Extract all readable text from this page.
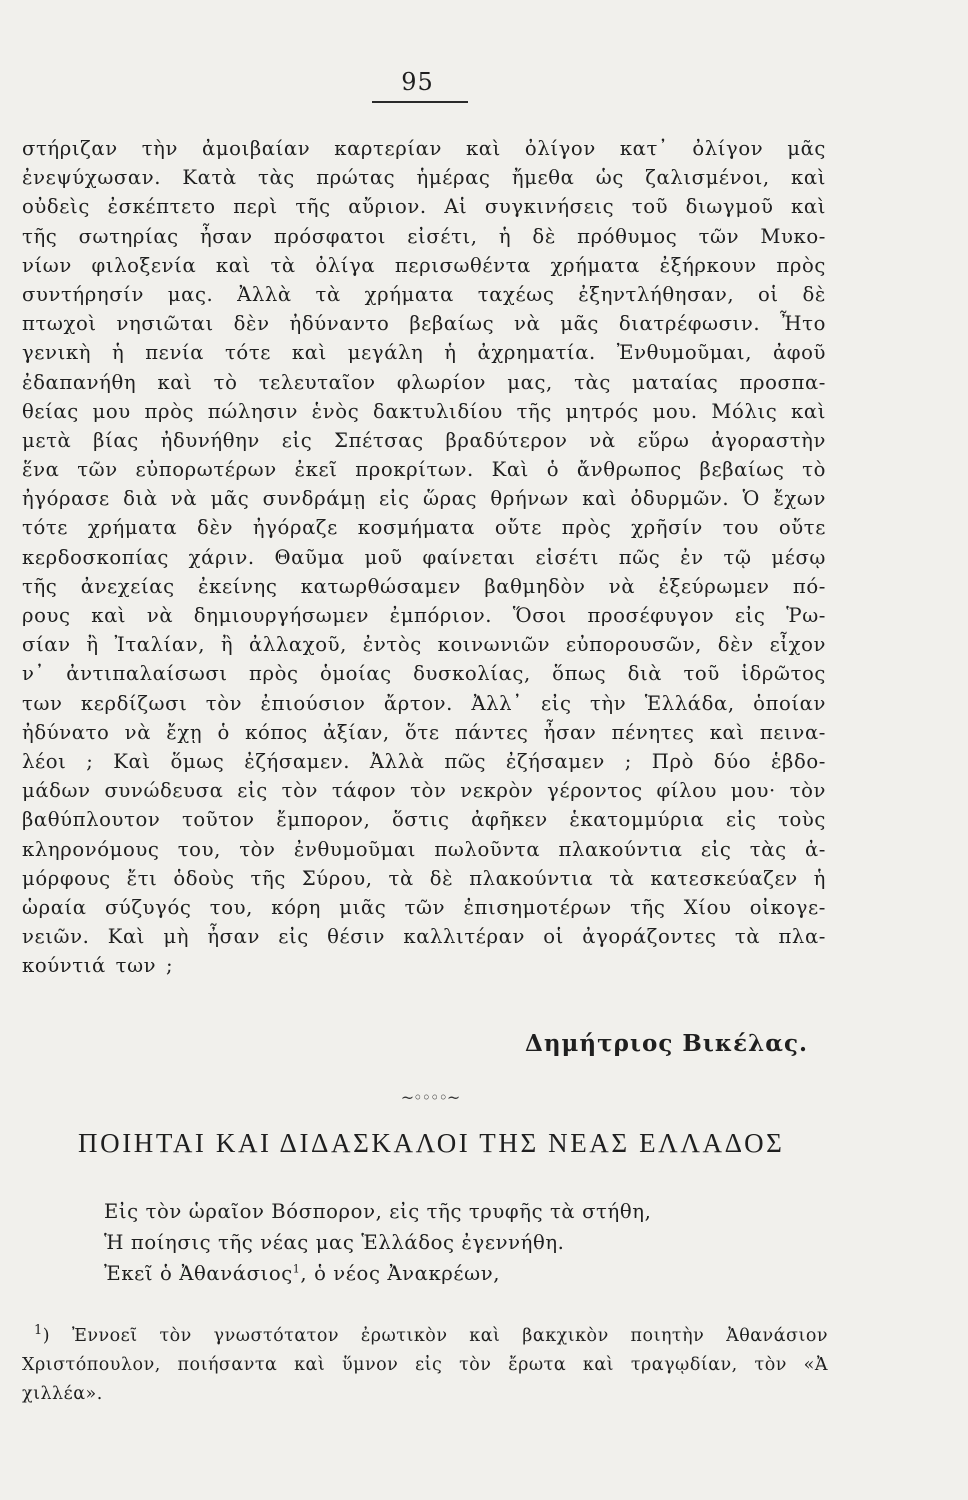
95
στήριζαν τὴν ἀμοιβαίαν καρτερίαν καὶ ὀλίγον κατ᾽ ὀλίγον μᾶς
ἐνεψύχωσαν. Κατὰ τὰς πρώτας ἡμέρας ἤμεθα ὡς ζαλισμένοι, καὶ
οὐδεὶς ἐσκέπτετο περὶ τῆς αὔριον. Αἱ συγκινήσεις τοῦ διωγμοῦ καὶ
τῆς σωτηρίας ἦσαν πρόσφατοι εἰσέτι, ἡ δὲ πρόθυμος τῶν Μυκο-
νίων φιλοξενία καὶ τὰ ὀλίγα περισωθέντα χρήματα ἐξήρκουν πρὸς
συντήρησίν μας. Ἀλλὰ τὰ χρήματα ταχέως ἐξηντλήθησαν, οἱ δὲ
πτωχοὶ νησιῶται δὲν ἠδύναντο βεβαίως νὰ μᾶς διατρέφωσιν. Ἦτο
γενικὴ ἡ πενία τότε καὶ μεγάλη ἡ ἀχρηματία. Ἐνθυμοῦμαι, ἀφοῦ
ἐδαπανήθη καὶ τὸ τελευταῖον φλωρίον μας, τὰς ματαίας προσπα-
θείας μου πρὸς πώλησιν ἑνὸς δακτυλιδίου τῆς μητρός μου. Μόλις καὶ
μετὰ βίας ἠδυνήθην εἰς Σπέτσας βραδύτερον νὰ εὕρω ἀγοραστὴν
ἕνα τῶν εὐπορωτέρων ἐκεῖ προκρίτων. Καὶ ὁ ἄνθρωπος βεβαίως τὸ
ἠγόρασε διὰ νὰ μᾶς συνδράμῃ εἰς ὥρας θρήνων καὶ ὀδυρμῶν. Ὁ ἔχων
τότε χρήματα δὲν ἠγόραζε κοσμήματα οὔτε πρὸς χρῆσίν του οὔτε
κερδοσκοπίας χάριν. Θαῦμα μοῦ φαίνεται εἰσέτι πῶς ἐν τῷ μέσῳ
τῆς ἀνεχείας ἐκείνης κατωρθώσαμεν βαθμηδὸν νὰ ἐξεύρωμεν πό-
ρους καὶ νὰ δημιουργήσωμεν ἐμπόριον. Ὅσοι προσέφυγον εἰς Ῥω-
σίαν ἢ Ἰταλίαν, ἢ ἀλλαχοῦ, ἐντὸς κοινωνιῶν εὐπορουσῶν, δὲν εἶχον
ν᾽ ἀντιπαλαίσωσι πρὸς ὁμοίας δυσκολίας, ὅπως διὰ τοῦ ἱδρῶτος
των κερδίζωσι τὸν ἐπιούσιον ἄρτον. Ἀλλ᾽ εἰς τὴν Ἑλλάδα, ὁποίαν
ἠδύνατο νὰ ἔχῃ ὁ κόπος ἀξίαν, ὅτε πάντες ἦσαν πένητες καὶ πεινα-
λέοι ; Καὶ ὅμως ἐζήσαμεν. Ἀλλὰ πῶς ἐζήσαμεν ; Πρὸ δύο ἑβδο-
μάδων συνώδευσα εἰς τὸν τάφον τὸν νεκρὸν γέροντος φίλου μου· τὸν
βαθύπλουτον τοῦτον ἔμπορον, ὅστις ἀφῆκεν ἑκατομμύρια εἰς τοὺς
κληρονόμους του, τὸν ἐνθυμοῦμαι πωλοῦντα πλακούντια εἰς τὰς ἀ-
μόρφους ἔτι ὁδοὺς τῆς Σύρου, τὰ δὲ πλακούντια τὰ κατεσκεύαζεν ἡ
ὡραία σύζυγός του, κόρη μιᾶς τῶν ἐπισημοτέρων τῆς Χίου οἰκογε-
νειῶν. Καὶ μὴ ἦσαν εἰς θέσιν καλλιτέραν οἱ ἀγοράζοντες τὰ πλα-
κούντιά των ;
Δημήτριος Βικέλας.
~◦◦◦◦~
ΠΟΙΗΤΑΙ ΚΑΙ ΔΙΔΑΣΚΑΛΟΙ ΤΗΣ ΝΕΑΣ ΕΛΛΑΔΟΣ
Εἰς τὸν ὡραῖον Βόσπορον, εἰς τῆς τρυφῆς τὰ στήθη,
Ἡ ποίησις τῆς νέας μας Ἑλλάδος ἐγεννήθη.
Ἐκεῖ ὁ Ἀθανάσιος$^1$, ὁ νέος Ἀνακρέων,
$^1$) Ἐννοεῖ τὸν γνωστότατον ἐρωτικὸν καὶ βακχικὸν ποιητὴν Ἀθανάσιον
Χριστόπουλον, ποιήσαντα καὶ ὕμνον εἰς τὸν ἔρωτα καὶ τραγῳδίαν, τὸν «Ἀ
χιλλέα».
